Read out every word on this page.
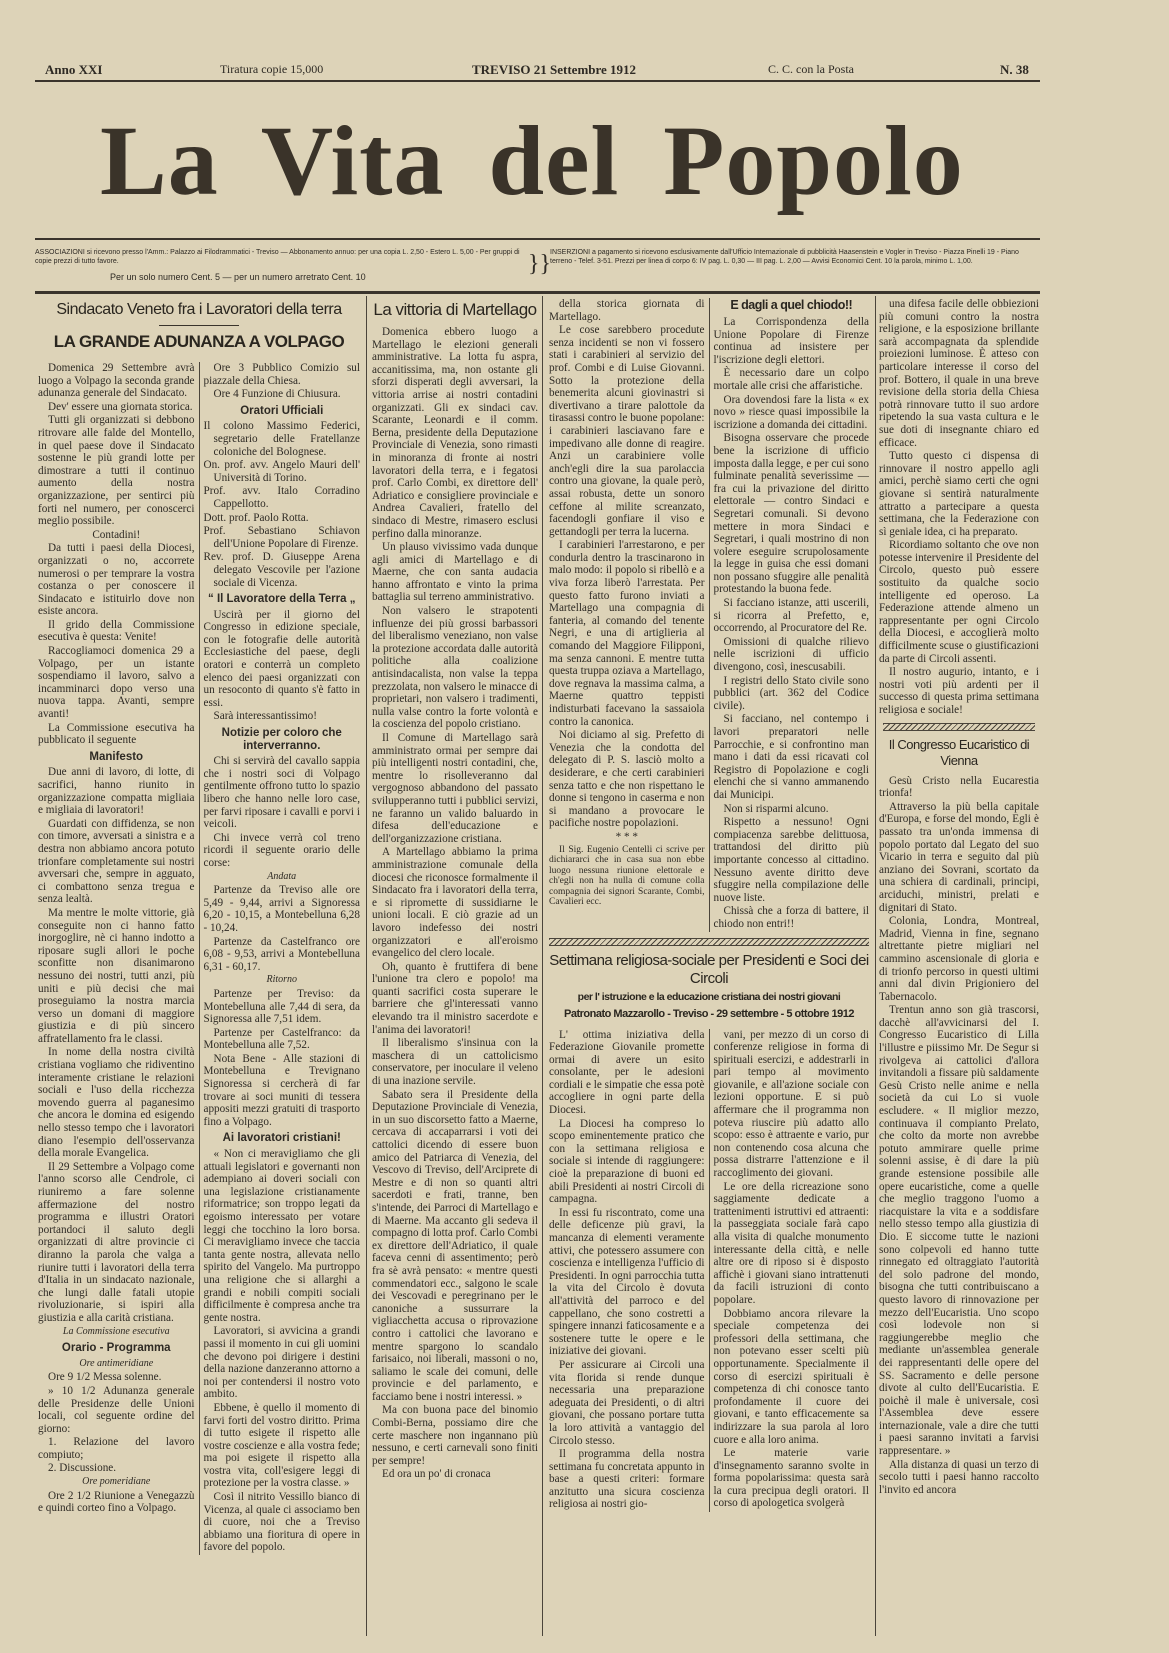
Anno XXI	Tiratura copie 15,000	TREVISO 21 Settembre 1912	C. C. con la Posta	N. 38
La Vita del Popolo
ASSOCIAZIONI si ricevono presso l'Amm.: Palazzo ai Filodrammatici - Treviso — Abbonamento annuo: per una copia L. 2,50 - Estero L. 5,00 - Per gruppi di copie prezzi di tutto favore.
Per un solo numero Cent. 5 — per un numero arretrato Cent. 10	}}
INSERZIONI a pagamento si ricevono esclusivamente dall'Ufficio Internazionale di pubblicità Haasenstein e Vogler in Treviso - Piazza Pinelli 19 - Piano terreno - Telef. 3-51. Prezzi per linea di corpo 6: IV pag. L. 0,30 — III pag. L. 2,00 — Avvisi Economici Cent. 10 la parola, minimo L. 1,00.
Sindacato Veneto fra i Lavoratori della terra
LA GRANDE ADUNANZA A VOLPAGO

Domenica 29 Settembre avrà luogo a Volpago la seconda grande adunanza generale del Sindacato.

Dev' essere una giornata storica.

Tutti gli organizzati si debbono ritrovare alle falde del Montello, in quel paese dove il Sindacato sostenne le più grandi lotte per dimostrare a tutti il continuo aumento della nostra organizzazione, per sentirci più forti nel numero, per conoscerci meglio possibile.

Contadini!

Da tutti i paesi della Diocesi, organizzati o no, accorrete numerosi o per temprare la vostra costanza o per conoscere il Sindacato e istituirlo dove non esiste ancora.

Il grido della Commissione esecutiva è questa: Venite!

Raccogliamoci domenica 29 a Volpago, per un istante sospendiamo il lavoro, salvo a incamminarci dopo verso una nuova tappa. Avanti, sempre avanti!

La Commissione esecutiva ha pubblicato il seguente

Manifesto

Due anni di lavoro, di lotte, di sacrifici, hanno riunito in organizzazione compatta migliaia e migliaia di lavoratori!

Guardati con diffidenza, se non con timore, avversati a sinistra e a destra non abbiamo ancora potuto trionfare completamente sui nostri avversari che, sempre in agguato, ci combattono senza tregua e senza lealtà.

Ma mentre le molte vittorie, già conseguite non ci hanno fatto inorgoglire, nè ci hanno indotto a riposare sugli allori le poche sconfitte non disanimarono nessuno dei nostri, tutti anzi, più uniti e più decisi che mai proseguiamo la nostra marcia verso un domani di maggiore giustizia e di più sincero affratellamento fra le classi.

In nome della nostra civiltà cristiana vogliamo che ridiventino interamente cristiane le relazioni sociali e l'uso della ricchezza movendo guerra al paganesimo che ancora le domina ed esigendo nello stesso tempo che i lavoratori diano l'esempio dell'osservanza della morale Evangelica.

Il 29 Settembre a Volpago come l'anno scorso alle Cendrole, ci riuniremo a fare solenne affermazione del nostro programma e illustri Oratori portandoci il saluto degli organizzati di altre provincie ci diranno la parola che valga a riunire tutti i lavoratori della terra d'Italia in un sindacato nazionale, che lungi dalle fatali utopie rivoluzionarie, si ispiri alla giustizia e alla carità cristiana.

La Commissione esecutiva

Orario - Programma

Ore antimeridiane

Ore 9 1/2 Messa solenne.

» 10 1/2 Adunanza generale delle Presidenze delle Unioni locali, col seguente ordine del giorno:

1. Relazione del lavoro compiuto;

2. Discussione.

Ore pomeridiane

Ore 2 1/2 Riunione a Venegazzù e quindi corteo fino a Volpago.

Ore 3 Pubblico Comizio sul piazzale della Chiesa.

Ore 4 Funzione di Chiusura.

Oratori Ufficiali

Il colono Massimo Federici, segretario delle Fratellanze coloniche del Bolognese.

On. prof. avv. Angelo Mauri dell' Università di Torino.

Prof. avv. Italo Corradino Cappellotto.

Dott. prof. Paolo Rotta.

Prof. Sebastiano Schiavon dell'Unione Popolare di Firenze.

Rev. prof. D. Giuseppe Arena delegato Vescovile per l'azione sociale di Vicenza.

“ Il Lavoratore della Terra „

Uscirà per il giorno del Congresso in edizione speciale, con le fotografie delle autorità Ecclesiastiche del paese, degli oratori e conterrà un completo elenco dei paesi organizzati con un resoconto di quanto s'è fatto in essi.

Sarà interessantissimo!

Notizie per coloro che interverranno.

Chi si servirà del cavallo sappia che i nostri soci di Volpago gentilmente offrono tutto lo spazio libero che hanno nelle loro case, per farvi riposare i cavalli e porvi i veicoli.

Chi invece verrà col treno ricordi il seguente orario delle corse:

Andata

Partenze da Treviso alle ore 5,49 - 9,44, arrivi a Signoressa 6,20 - 10,15, a Montebelluna 6,28 - 10,24.

Partenze da Castelfranco ore 6,08 - 9,53, arrivi a Montebelluna 6,31 - 60,17.

Ritorno

Partenze per Treviso: da Montebelluna alle 7,44 di sera, da Signoressa alle 7,51 idem.

Partenze per Castelfranco: da Montebelluna alle 7,52.

Nota Bene - Alle stazioni di Montebelluna e Trevignano Signoressa si cercherà di far trovare ai soci muniti di tessera appositi mezzi gratuiti di trasporto fino a Volpago.

Ai lavoratori cristiani!

« Non ci meravigliamo che gli attuali legislatori e governanti non adempiano ai doveri sociali con una legislazione cristianamente riformatrice; son troppo legati da egoismo interessato per votare leggi che tocchino la loro borsa. Ci meravigliamo invece che taccia tanta gente nostra, allevata nello spirito del Vangelo. Ma purtroppo una religione che si allarghi a grandi e nobili compiti sociali difficilmente è compresa anche tra gente nostra.

Lavoratori, si avvicina a grandi passi il momento in cui gli uomini che devono poi dirigere i destini della nazione danzeranno attorno a noi per contendersi il nostro voto ambito.

Ebbene, è quello il momento di farvi forti del vostro diritto. Prima di tutto esigete il rispetto alle vostre coscienze e alla vostra fede; ma poi esigete il rispetto alla vostra vita, coll'esigere leggi di protezione per la vostra classe. »

Così il nitrito Vessillo bianco di Vicenza, al quale ci associamo ben di cuore, noi che a Treviso abbiamo una fioritura di opere in favore del popolo.

La vittoria di Martellago

Domenica ebbero luogo a Martellago le elezioni generali amministrative. La lotta fu aspra, accanitissima, ma, non ostante gli sforzi disperati degli avversari, la vittoria arrise ai nostri contadini organizzati. Gli ex sindaci cav. Scarante, Leonardi e il comm. Berna, presidente della Deputazione Provinciale di Venezia, sono rimasti in minoranza di fronte ai nostri lavoratori della terra, e i fegatosi prof. Carlo Combi, ex direttore dell' Adriatico e consigliere provinciale e Andrea Cavalieri, fratello del sindaco di Mestre, rimasero esclusi perfino dalla minoranze.

Un plauso vivissimo vada dunque agli amici di Martellago e di Maerne, che con santa audacia hanno affrontato e vinto la prima battaglia sul terreno amministrativo.

Non valsero le strapotenti influenze dei più grossi barbassori del liberalismo veneziano, non valse la protezione accordata dalle autorità politiche alla coalizione antisindacalista, non valse la teppa prezzolata, non valsero le minacce di proprietari, non valsero i tradimenti, nulla valse contro la forte volontà e la coscienza del popolo cristiano.

Il Comune di Martellago sarà amministrato ormai per sempre dai più intelligenti nostri contadini, che, mentre lo risolleveranno dal vergognoso abbandono del passato svilupperanno tutti i pubblici servizi, ne faranno un valido baluardo in difesa dell'educazione e dell'organizzazione cristiana.

A Martellago abbiamo la prima amministrazione comunale della diocesi che riconosce formalmente il Sindacato fra i lavoratori della terra, e si ripromette di sussidiarne le unioni locali. E ciò grazie ad un lavoro indefesso dei nostri organizzatori e all'eroismo evangelico del clero locale.

Oh, quanto è fruttifera di bene l'unione tra clero e popolo! ma quanti sacrifici costa superare le barriere che gl'interessati vanno elevando tra il ministro sacerdote e l'anima dei lavoratori!

Il liberalismo s'insinua con la maschera di un cattolicismo conservatore, per inoculare il veleno di una inazione servile.

Sabato sera il Presidente della Deputazione Provinciale di Venezia, in un suo discorsetto fatto a Maerne, cercava di accaparrarsi i voti dei cattolici dicendo di essere buon amico del Patriarca di Venezia, del Vescovo di Treviso, dell'Arciprete di Mestre e di non so quanti altri sacerdoti e frati, tranne, ben s'intende, dei Parroci di Martellago e di Maerne. Ma accanto gli sedeva il compagno di lotta prof. Carlo Combi ex direttore dell'Adriatico, il quale faceva cenni di assentimento; però fra sè avrà pensato: « mentre questi commendatori ecc., salgono le scale dei Vescovadi e peregrinano per le canoniche a sussurrare la vigliacchetta accusa o riprovazione contro i cattolici che lavorano e mentre spargono lo scandalo farisaico, noi liberali, massoni o no, saliamo le scale dei comuni, delle provincie e del parlamento, e facciamo bene i nostri interessi. »

Ma con buona pace del binomio Combi-Berna, possiamo dire che certe maschere non ingannano più nessuno, e certi carnevali sono finiti per sempre!

Ed ora un po' di cronaca

della storica giornata di Martellago.

Le cose sarebbero procedute senza incidenti se non vi fossero stati i carabinieri al servizio del prof. Combi e di Luise Giovanni. Sotto la protezione della benemerita alcuni giovinastri si divertivano a tirare palottole da tirasassi contro le buone popolane: i carabinieri lasciavano fare e impedivano alle donne di reagire. Anzi un carabiniere volle anch'egli dire la sua parolaccia contro una giovane, la quale però, assai robusta, dette un sonoro ceffone al milite screanzato, facendogli gonfiare il viso e gettandogli per terra la lucerna.

I carabinieri l'arrestarono, e per condurla dentro la trascinarono in malo modo: il popolo si ribellò e a viva forza liberò l'arrestata. Per questo fatto furono inviati a Martellago una compagnia di fanteria, al comando del tenente Negri, e una di artiglieria al comando del Maggiore Filipponi, ma senza cannoni. E mentre tutta questa truppa oziava a Martellago, dove regnava la massima calma, a Maerne quattro teppisti indisturbati facevano la sassaiola contro la canonica.

Noi diciamo al sig. Prefetto di Venezia che la condotta del delegato di P. S. lasciò molto a desiderare, e che certi carabinieri senza tatto e che non rispettano le donne si tengono in caserma e non si mandano a provocare le pacifiche nostre popolazioni.

* * *

Il Sig. Eugenio Centelli ci scrive per dichiararci che in casa sua non ebbe luogo nessuna riunione elettorale e ch'egli non ha nulla di comune colla compagnia dei signori Scarante, Combi, Cavalieri ecc.

E dagli a quel chiodo!!

La Corrispondenza della Unione Popolare di Firenze continua ad insistere per l'iscrizione degli elettori.

È necessario dare un colpo mortale alle crisi che affaristiche.

Ora dovendosi fare la lista « ex novo » riesce quasi impossibile la iscrizione a domanda dei cittadini.

Bisogna osservare che procede bene la iscrizione di ufficio imposta dalla legge, e per cui sono fulminate penalità severissime — fra cui la privazione del diritto elettorale — contro Sindaci e Segretari comunali. Si devono mettere in mora Sindaci e Segretari, i quali mostrino di non volere eseguire scrupolosamente la legge in guisa che essi domani non possano sfuggire alle penalità protestando la buona fede.

Si facciano istanze, atti uscerili, si ricorra al Prefetto, e, occorrendo, al Procuratore del Re.

Omissioni di qualche rilievo nelle iscrizioni di ufficio divengono, così, inescusabili.

I registri dello Stato civile sono pubblici (art. 362 del Codice civile).

Si facciano, nel contempo i lavori preparatori nelle Parrocchie, e si confrontino man mano i dati da essi ricavati col Registro di Popolazione e cogli elenchi che si vanno ammanendo dai Municipi.

Non si risparmi alcuno.

Rispetto a nessuno! Ogni compiacenza sarebbe delittuosa, trattandosi del diritto più importante concesso al cittadino. Nessuno avente diritto deve sfuggire nella compilazione delle nuove liste.

Chissà che a forza di battere, il chiodo non entri!!

Settimana religiosa-sociale per Presidenti e Soci dei Circoli
per l' istruzione e la educazione cristiana dei nostri giovani
Patronato Mazzarollo - Treviso - 29 settembre - 5 ottobre 1912

L' ottima iniziativa della Federazione Giovanile promette ormai di avere un esito consolante, per le adesioni cordiali e le simpatie che essa potè accogliere in ogni parte della Diocesi.

La Diocesi ha compreso lo scopo eminentemente pratico che con la settimana religiosa e sociale si intende di raggiungere: cioè la preparazione di buoni ed abili Presidenti ai nostri Circoli di campagna.

In essi fu riscontrato, come una delle deficenze più gravi, la mancanza di elementi veramente attivi, che potessero assumere con coscienza e intelligenza l'ufficio di Presidenti. In ogni parrocchia tutta la vita del Circolo è dovuta all'attività del parroco e del cappellano, che sono costretti a spingere innanzi faticosamente e a sostenere tutte le opere e le iniziative dei giovani.

Per assicurare ai Circoli una vita florida si rende dunque necessaria una preparazione adeguata dei Presidenti, o di altri giovani, che possano portare tutta la loro attività a vantaggio del Circolo stesso.

Il programma della nostra settimana fu concretata appunto in base a questi criteri: formare anzitutto una sicura coscienza religiosa ai nostri gio-

vani, per mezzo di un corso di conferenze religiose in forma di spirituali esercizi, e addestrarli in pari tempo al movimento giovanile, e all'azione sociale con lezioni opportune. E si può affermare che il programma non poteva riuscire più adatto allo scopo: esso è attraente e vario, pur non contenendo cosa alcuna che possa distrarre l'attenzione e il raccoglimento dei giovani.

Le ore della ricreazione sono saggiamente dedicate a trattenimenti istruttivi ed attraenti: la passeggiata sociale farà capo alla visita di qualche monumento interessante della città, e nelle altre ore di riposo si è disposto affichè i giovani siano intrattenuti da facili istruzioni di conto popolare.

Dobbiamo ancora rilevare la speciale competenza dei professori della settimana, che non potevano esser scelti più opportunamente. Specialmente il corso di esercizi spirituali è competenza di chi conosce tanto profondamente il cuore dei giovani, e tanto efficacemente sa indirizzare la sua parola al loro cuore e alla loro anima.

Le materie varie d'insegnamento saranno svolte in forma popolarissima: questa sarà la cura precipua degli oratori. Il corso di apologetica svolgerà

una difesa facile delle obbiezioni più comuni contro la nostra religione, e la esposizione brillante sarà accompagnata da splendide proiezioni luminose. È atteso con particolare interesse il corso del prof. Bottero, il quale in una breve revisione della storia della Chiesa potrà rinnovare tutto il suo ardore ripetendo la sua vasta cultura e le sue doti di insegnante chiaro ed efficace.

Tutto questo ci dispensa di rinnovare il nostro appello agli amici, perchè siamo certi che ogni giovane si sentirà naturalmente attratto a partecipare a questa settimana, che la Federazione con sì geniale idea, ci ha preparato.

Ricordiamo soltanto che ove non potesse intervenire il Presidente del Circolo, questo può essere sostituito da qualche socio intelligente ed operoso. La Federazione attende almeno un rappresentante per ogni Circolo della Diocesi, e accoglierà molto difficilmente scuse o giustificazioni da parte di Circoli assenti.

Il nostro augurio, intanto, e i nostri voti più ardenti per il successo di questa prima settimana religiosa e sociale!

Il Congresso Eucaristico di Vienna

Gesù Cristo nella Eucarestia trionfa!

Attraverso la più bella capitale d'Europa, e forse del mondo, Egli è passato tra un'onda immensa di popolo portato dal Legato del suo Vicario in terra e seguito dal più anziano dei Sovrani, scortato da una schiera di cardinali, principi, arciduchi, ministri, prelati e dignitari di Stato.

Colonia, Londra, Montreal, Madrid, Vienna in fine, segnano altrettante pietre migliari nel cammino ascensionale di gloria e di trionfo percorso in questi ultimi anni dal divin Prigioniero del Tabernacolo.

Trentun anno son già trascorsi, dacchè all'avvicinarsi del I. Congresso Eucaristico di Lilla l'illustre e piissimo Mr. De Segur si rivolgeva ai cattolici d'allora invitandoli a fissare più saldamente Gesù Cristo nelle anime e nella società da cui Lo si vuole escludere. « Il miglior mezzo, continuava il compianto Prelato, che colto da morte non avrebbe potuto ammirare quelle prime solenni assise, è di dare la più grande estensione possibile alle opere eucaristiche, come a quelle che meglio traggono l'uomo a riacquistare la vita e a soddisfare nello stesso tempo alla giustizia di Dio. E siccome tutte le nazioni sono colpevoli ed hanno tutte rinnegato ed oltraggiato l'autorità del solo padrone del mondo, bisogna che tutti contribuiscano a questo lavoro di rinnovazione per mezzo dell'Eucaristia. Uno scopo così lodevole non si raggiungerebbe meglio che mediante un'assemblea generale dei rappresentanti delle opere del SS. Sacramento e delle persone divote al culto dell'Eucaristia. E poichè il male è universale, così l'Assemblea deve essere internazionale, vale a dire che tutti i paesi saranno invitati a farvisi rappresentare. »

Alla distanza di quasi un terzo di secolo tutti i paesi hanno raccolto l'invito ed ancora
